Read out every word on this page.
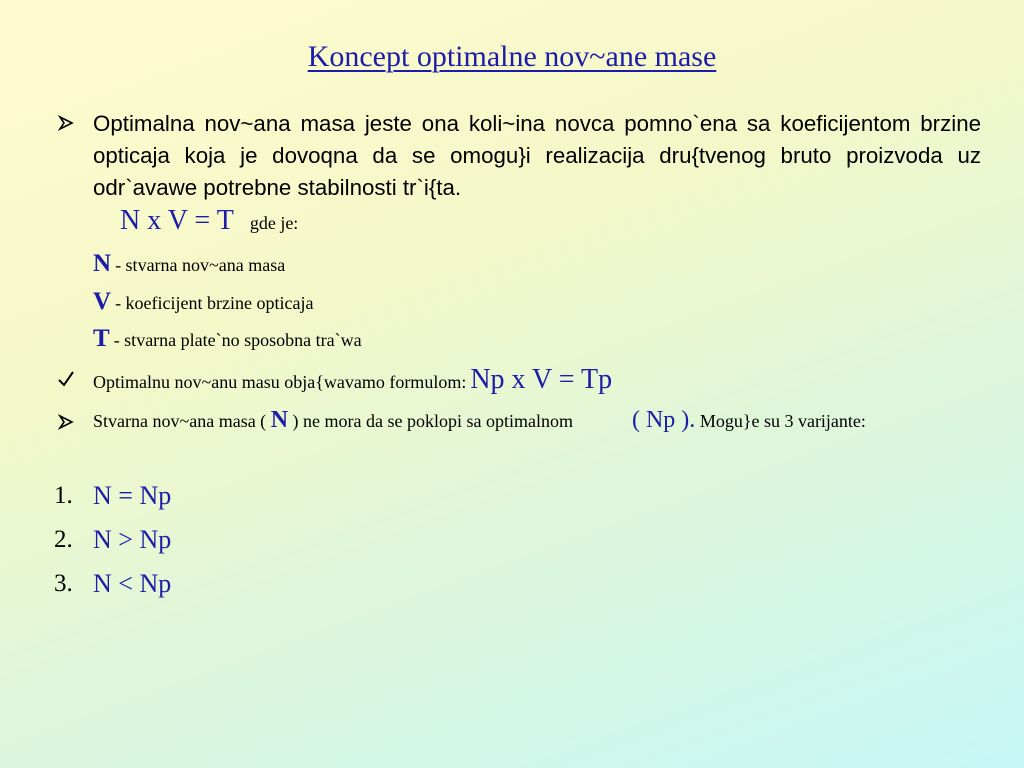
Koncept optimalne nov~ane mase
Optimalna nov~ana masa jeste ona koli~ina novca pomno`ena sa koeficijentom brzine opticaja koja je dovoqna da se omogu}i realizacija dru{tvenog bruto proizvoda uz odr`avawe potrebne stabilnosti tr`i{ta.
N x V = T gde je:
N - stvarna nov~ana masa
V - koeficijent brzine opticaja
T - stvarna plate`no sposobna tra`wa
Optimalnu nov~anu masu obja{wavamo formulom: Np x V = Tp
Stvarna nov~ana masa ( N ) ne mora da se poklopi sa optimalnom ( Np ). Mogu}e su 3 varijante:
1. N = Np
2. N > Np
3. N < Np
